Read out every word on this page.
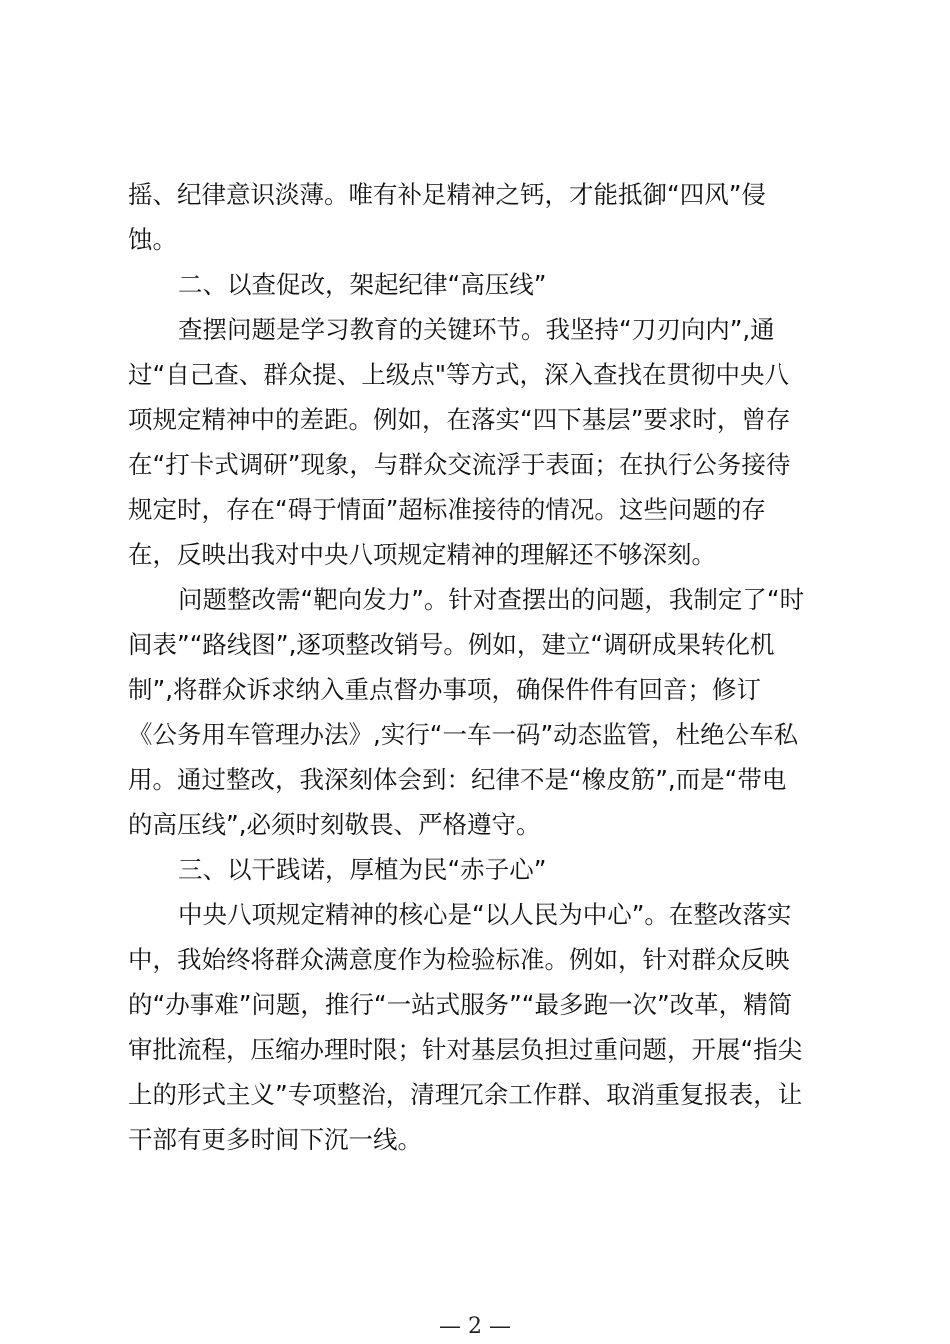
摇、纪律意识淡薄。唯有补足精神之钙，才能抵御“四风”侵
蚀。
二、以查促改，架起纪律“高压线”
查摆问题是学习教育的关键环节。我坚持“刀刃向内”,通
过“自己查、群众提、上级点"等方式，深入查找在贯彻中央八
项规定精神中的差距。例如，在落实“四下基层”要求时，曾存
在“打卡式调研”现象，与群众交流浮于表面；在执行公务接待
规定时，存在“碍于情面”超标准接待的情况。这些问题的存
在，反映出我对中央八项规定精神的理解还不够深刻。
问题整改需“靶向发力”。针对查摆出的问题，我制定了“时
间表”“路线图”,逐项整改销号。例如，建立“调研成果转化机
制”,将群众诉求纳入重点督办事项，确保件件有回音；修订
《公务用车管理办法》,实行“一车一码”动态监管，杜绝公车私
用。通过整改，我深刻体会到：纪律不是“橡皮筋”,而是“带电
的高压线”,必须时刻敬畏、严格遵守。
三、以干践诺，厚植为民“赤子心”
中央八项规定精神的核心是“以人民为中心”。在整改落实
中，我始终将群众满意度作为检验标准。例如，针对群众反映
的“办事难”问题，推行“一站式服务”“最多跑一次”改革，精简
审批流程，压缩办理时限；针对基层负担过重问题，开展“指尖
上的形式主义”专项整治，清理冗余工作群、取消重复报表，让
干部有更多时间下沉一线。
— 2 —
